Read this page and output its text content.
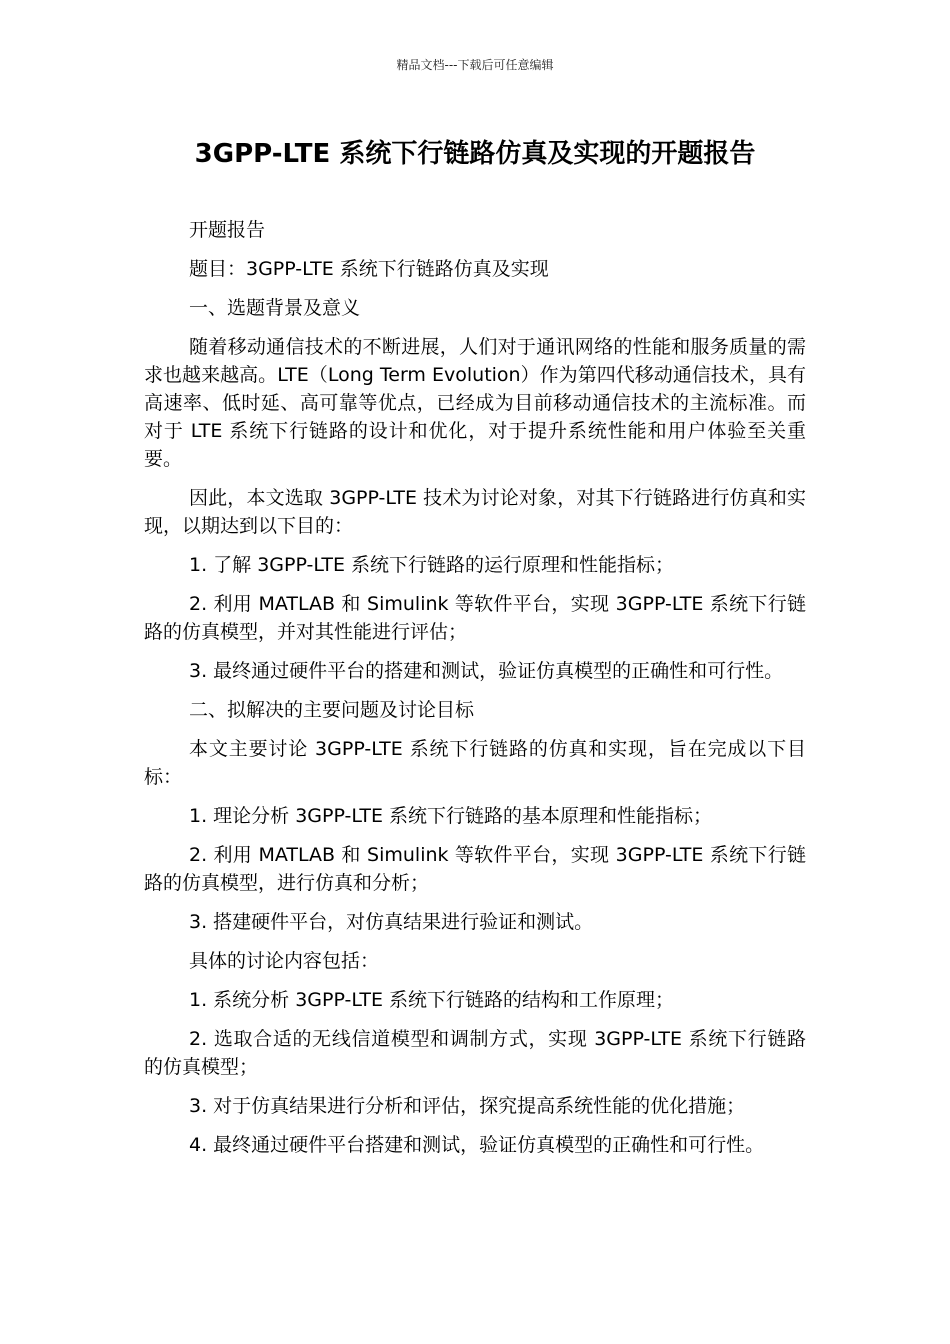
精品文档---下载后可任意编辑
3GPP-LTE 系统下行链路仿真及实现的开题报告

开题报告

题目：3GPP-LTE 系统下行链路仿真及实现

一、选题背景及意义

随着移动通信技术的不断进展，人们对于通讯网络的性能和服务质量的需求也越来越高。LTE（Long Term Evolution）作为第四代移动通信技术，具有高速率、低时延、高可靠等优点，已经成为目前移动通信技术的主流标准。而对于 LTE 系统下行链路的设计和优化，对于提升系统性能和用户体验至关重要。

因此，本文选取 3GPP-LTE 技术为讨论对象，对其下行链路进行仿真和实现，以期达到以下目的：

1. 了解 3GPP-LTE 系统下行链路的运行原理和性能指标；

2. 利用 MATLAB 和 Simulink 等软件平台，实现 3GPP-LTE 系统下行链路的仿真模型，并对其性能进行评估；

3. 最终通过硬件平台的搭建和测试，验证仿真模型的正确性和可行性。

二、拟解决的主要问题及讨论目标

本文主要讨论 3GPP-LTE 系统下行链路的仿真和实现，旨在完成以下目标：

1. 理论分析 3GPP-LTE 系统下行链路的基本原理和性能指标；

2. 利用 MATLAB 和 Simulink 等软件平台，实现 3GPP-LTE 系统下行链路的仿真模型，进行仿真和分析；

3. 搭建硬件平台，对仿真结果进行验证和测试。

具体的讨论内容包括：

1. 系统分析 3GPP-LTE 系统下行链路的结构和工作原理；

2. 选取合适的无线信道模型和调制方式，实现 3GPP-LTE 系统下行链路的仿真模型；

3. 对于仿真结果进行分析和评估，探究提高系统性能的优化措施；

4. 最终通过硬件平台搭建和测试，验证仿真模型的正确性和可行性。
